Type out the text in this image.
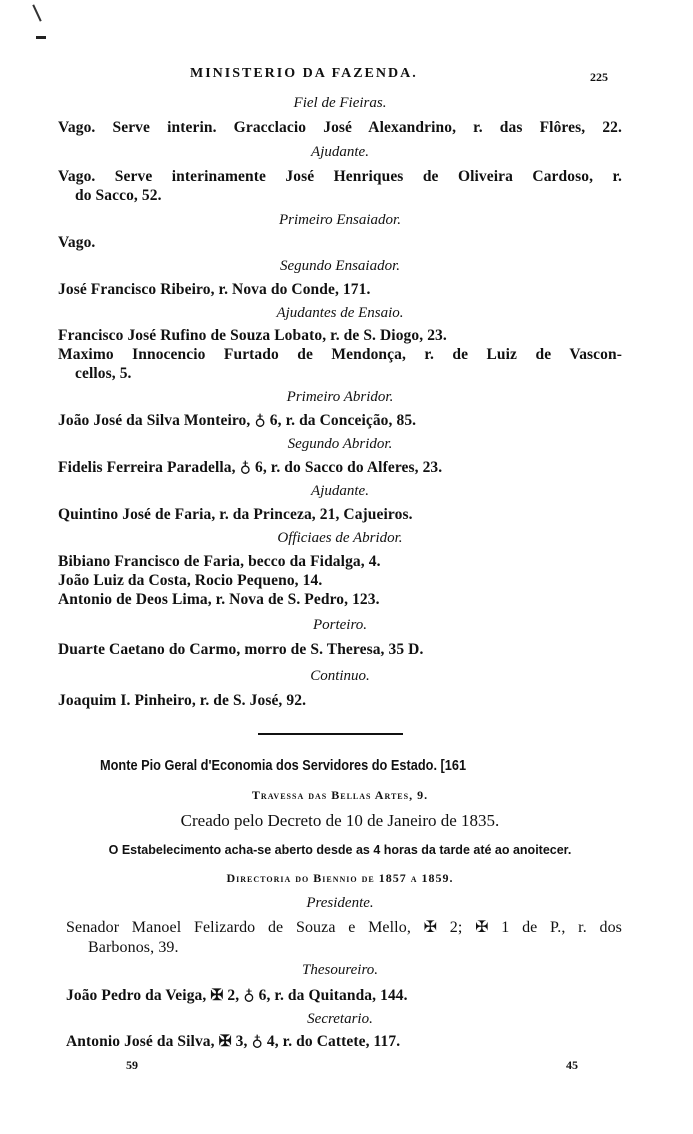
MINISTERIO DA FAZENDA.	225
Fiel de Fieiras.
Vago. Serve interin. Gracclacio José Alexandrino, r. das Flôres, 22.
Ajudante.
Vago. Serve interinamente José Henriques de Oliveira Cardoso, r.
do Sacco, 52.
Primeiro Ensaiador.
Vago.
Segundo Ensaiador.
José Francisco Ribeiro, r. Nova do Conde, 171.
Ajudantes de Ensaio.
Francisco José Rufino de Souza Lobato, r. de S. Diogo, 23.
Maximo Innocencio Furtado de Mendonça, r. de Luiz de Vascon-
cellos, 5.
Primeiro Abridor.
João José da Silva Monteiro, ♁ 6, r. da Conceição, 85.
Segundo Abridor.
Fidelis Ferreira Paradella, ♁ 6, r. do Sacco do Alferes, 23.
Ajudante.
Quintino José de Faria, r. da Princeza, 21, Cajueiros.
Officiaes de Abridor.
Bibiano Francisco de Faria, becco da Fidalga, 4.
João Luiz da Costa, Rocio Pequeno, 14.
Antonio de Deos Lima, r. Nova de S. Pedro, 123.
Porteiro.
Duarte Caetano do Carmo, morro de S. Theresa, 35 D.
Continuo.
Joaquim I. Pinheiro, r. de S. José, 92.
Monte Pio Geral d'Economia dos Servidores do Estado. [161
Travessa das Bellas Artes, 9.
Creado pelo Decreto de 10 de Janeiro de 1835.
O Estabelecimento acha-se aberto desde as 4 horas da tarde até ao anoitecer.
Directoria do Biennio de 1857 a 1859.
Presidente.
Senador Manoel Felizardo de Souza e Mello, ✠ 2; ✠ 1 de P., r. dos
Barbonos, 39.
Thesoureiro.
João Pedro da Veiga, ✠ 2, ♁ 6, r. da Quitanda, 144.
Secretario.
Antonio José da Silva, ✠ 3, ♁ 4, r. do Cattete, 117.
59	45
